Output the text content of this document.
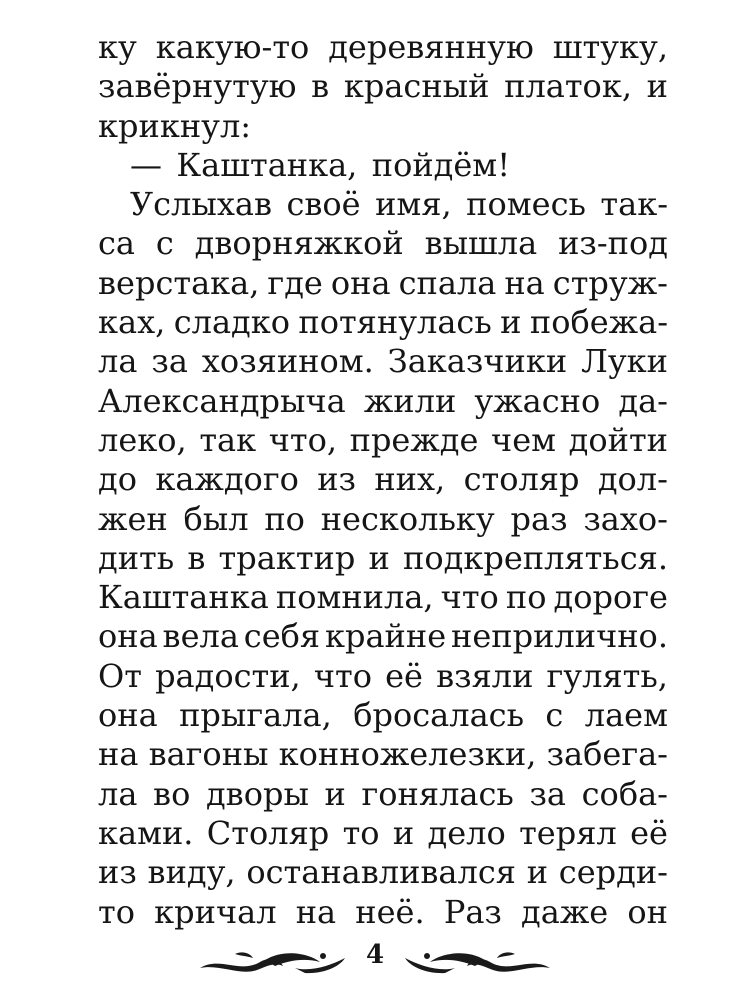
ку какую-то деревянную штуку,
завёрнутую в красный платок, и
крикнул:
— Каштанка, пойдём!
Услыхав своё имя, помесь так-
са с дворняжкой вышла из-под
верстака, где она спала на струж-
ках, сладко потянулась и побежа-
ла за хозяином. Заказчики Луки
Александрыча жили ужасно да-
леко, так что, прежде чем дойти
до каждого из них, столяр дол-
жен был по нескольку раз захо-
дить в трактир и подкрепляться.
Каштанка помнила, что по дороге
она вела себя крайне неприлично.
От радости, что её взяли гулять,
она прыгала, бросалась с лаем
на вагоны конножелезки, забега-
ла во дворы и гонялась за соба-
ками. Столяр то и дело терял её
из виду, останавливался и серди-
то кричал на неё. Раз даже он
4
